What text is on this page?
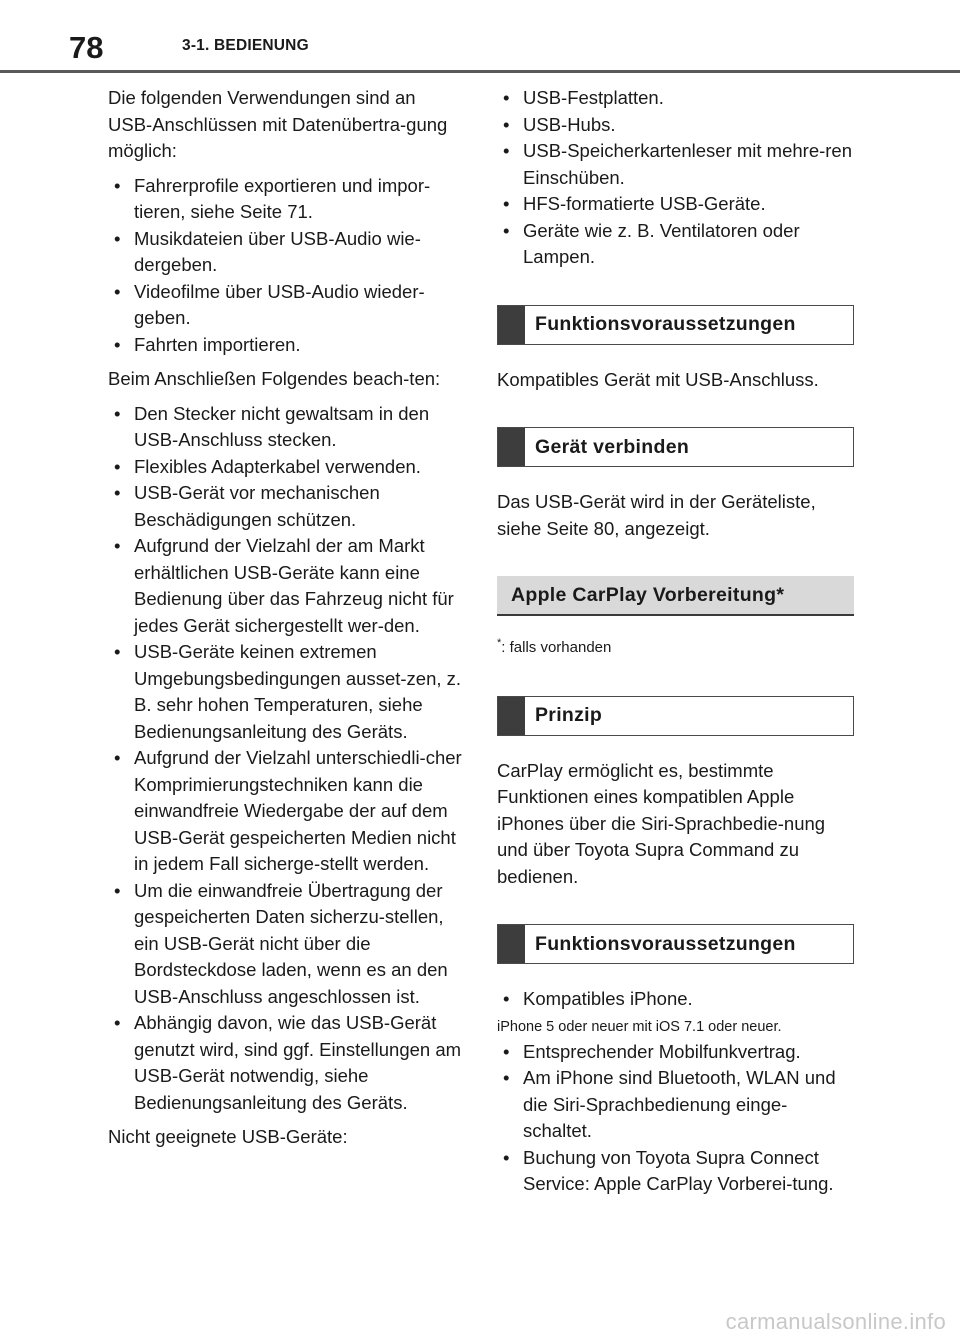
78	3-1. BEDIENUNG

Die folgenden Verwendungen sind an USB-Anschlüssen mit Datenübertra-gung möglich:

• Fahrerprofile exportieren und impor-tieren, siehe Seite 71.
• Musikdateien über USB-Audio wie-dergeben.
• Videofilme über USB-Audio wieder-geben.
• Fahrten importieren.

Beim Anschließen Folgendes beach-ten:

• Den Stecker nicht gewaltsam in den USB-Anschluss stecken.
• Flexibles Adapterkabel verwenden.
• USB-Gerät vor mechanischen Beschädigungen schützen.
• Aufgrund der Vielzahl der am Markt erhältlichen USB-Geräte kann eine Bedienung über das Fahrzeug nicht für jedes Gerät sichergestellt wer-den.
• USB-Geräte keinen extremen Umgebungsbedingungen ausset-zen, z. B. sehr hohen Temperaturen, siehe Bedienungsanleitung des Geräts.
• Aufgrund der Vielzahl unterschiedli-cher Komprimierungstechniken kann die einwandfreie Wiedergabe der auf dem USB-Gerät gespeicherten Medien nicht in jedem Fall sicherge-stellt werden.
• Um die einwandfreie Übertragung der gespeicherten Daten sicherzu-stellen, ein USB-Gerät nicht über die Bordsteckdose laden, wenn es an den USB-Anschluss angeschlossen ist.
• Abhängig davon, wie das USB-Gerät genutzt wird, sind ggf. Einstellungen am USB-Gerät notwendig, siehe Bedienungsanleitung des Geräts.

Nicht geeignete USB-Geräte:

• USB-Festplatten.
• USB-Hubs.
• USB-Speicherkartenleser mit mehre-ren Einschüben.
• HFS-formatierte USB-Geräte.
• Geräte wie z. B. Ventilatoren oder Lampen.
Funktionsvoraussetzungen

Kompatibles Gerät mit USB-Anschluss.

Gerät verbinden

Das USB-Gerät wird in der Geräteliste, siehe Seite 80, angezeigt.

Apple CarPlay Vorbereitung*

*: falls vorhanden

Prinzip

CarPlay ermöglicht es, bestimmte Funktionen eines kompatiblen Apple iPhones über die Siri-Sprachbedie-nung und über Toyota Supra Command zu bedienen.

Funktionsvoraussetzungen
• Kompatibles iPhone.

iPhone 5 oder neuer mit iOS 7.1 oder neuer.

• Entsprechender Mobilfunkvertrag.
• Am iPhone sind Bluetooth, WLAN und die Siri-Sprachbedienung einge-schaltet.
• Buchung von Toyota Supra Connect Service: Apple CarPlay Vorberei-tung.
carmanualsonline.info
